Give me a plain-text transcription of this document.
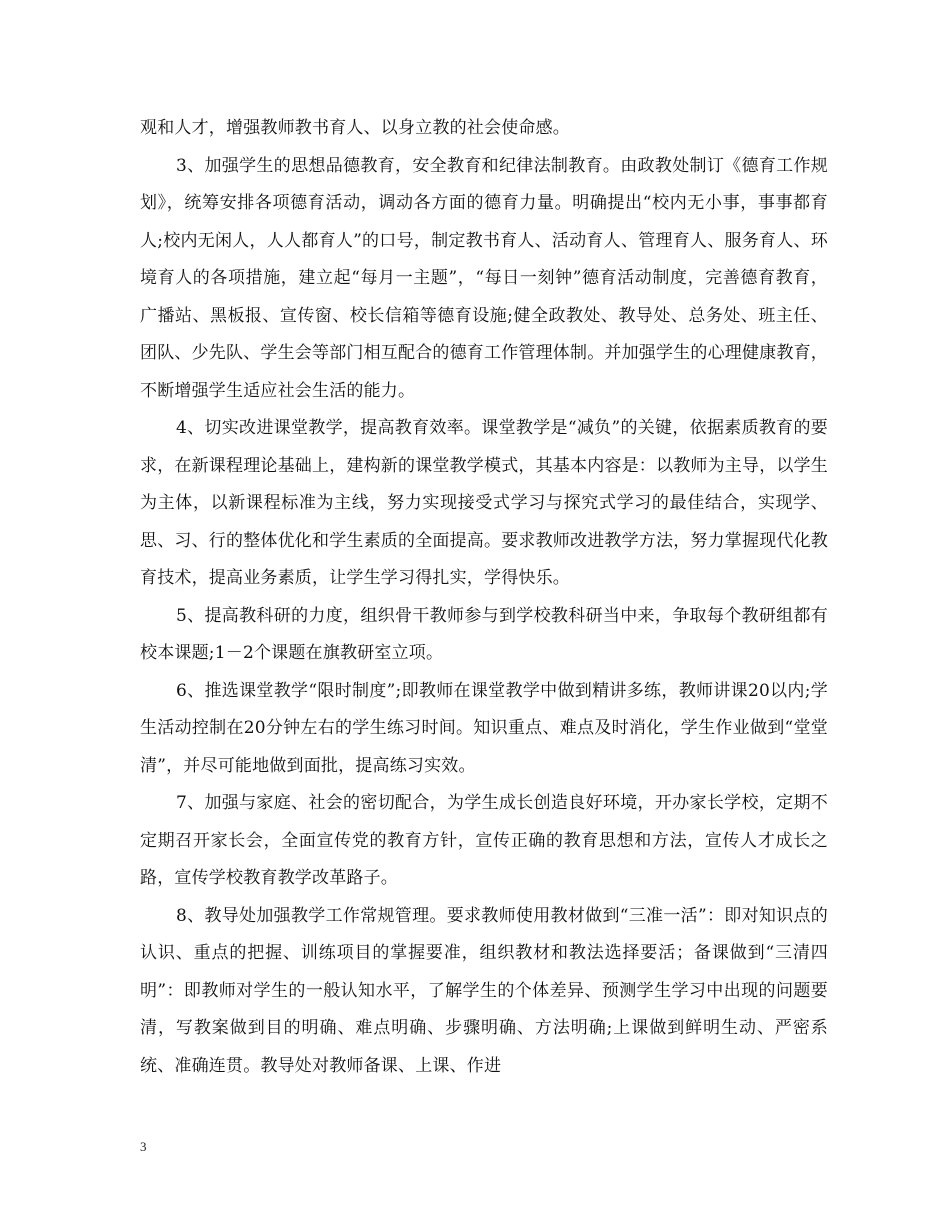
观和人才，增强教师教书育人、以身立教的社会使命感。

3、加强学生的思想品德教育，安全教育和纪律法制教育。由政教处制订《德育工作规划》，统筹安排各项德育活动，调动各方面的德育力量。明确提出“校内无小事，事事都育人;校内无闲人，人人都育人”的口号，制定教书育人、活动育人、管理育人、服务育人、环境育人的各项措施，建立起“每月一主题”，“每日一刻钟”德育活动制度，完善德育教育，广播站、黑板报、宣传窗、校长信箱等德育设施;健全政教处、教导处、总务处、班主任、团队、少先队、学生会等部门相互配合的德育工作管理体制。并加强学生的心理健康教育，不断增强学生适应社会生活的能力。

4、切实改进课堂教学，提高教育效率。课堂教学是“减负”的关键，依据素质教育的要求，在新课程理论基础上，建构新的课堂教学模式，其基本内容是：以教师为主导，以学生为主体，以新课程标准为主线，努力实现接受式学习与探究式学习的最佳结合，实现学、思、习、行的整体优化和学生素质的全面提高。要求教师改进教学方法，努力掌握现代化教育技术，提高业务素质，让学生学习得扎实，学得快乐。

5、提高教科研的力度，组织骨干教师参与到学校教科研当中来，争取每个教研组都有校本课题;1－2个课题在旗教研室立项。

6、推选课堂教学“限时制度”;即教师在课堂教学中做到精讲多练，教师讲课20以内;学生活动控制在20分钟左右的学生练习时间。知识重点、难点及时消化，学生作业做到“堂堂清”，并尽可能地做到面批，提高练习实效。

7、加强与家庭、社会的密切配合，为学生成长创造良好环境，开办家长学校，定期不定期召开家长会，全面宣传党的教育方针，宣传正确的教育思想和方法，宣传人才成长之路，宣传学校教育教学改革路子。

8、教导处加强教学工作常规管理。要求教师使用教材做到“三准一活”：即对知识点的认识、重点的把握、训练项目的掌握要准，组织教材和教法选择要活；备课做到“三清四明”：即教师对学生的一般认知水平，了解学生的个体差异、预测学生学习中出现的问题要清，写教案做到目的明确、难点明确、步骤明确、方法明确;上课做到鲜明生动、严密系统、准确连贯。教导处对教师备课、上课、作进

3
